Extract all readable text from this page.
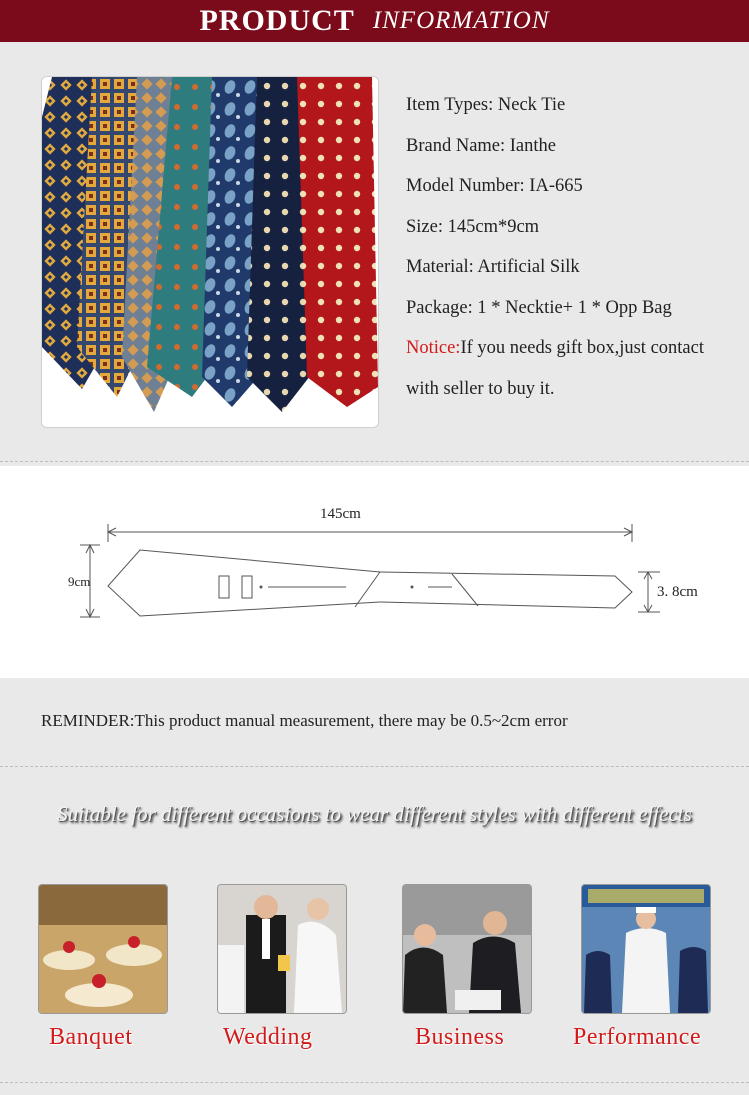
PRODUCT INFORMATION
Item Types: Neck Tie
Brand Name: Ianthe
Model Number: IA-665
Size: 145cm*9cm
Material: Artificial Silk
Package: 1 * Necktie+ 1 * Opp Bag
Notice:If you needs gift box,just contact
with seller to buy it.
145cm
9cm
3. 8cm
REMINDER:This product manual measurement, there may be 0.5~2cm error
Suitable for different occasions to wear different styles with different effects
Banquet	Wedding	Business	Performance
